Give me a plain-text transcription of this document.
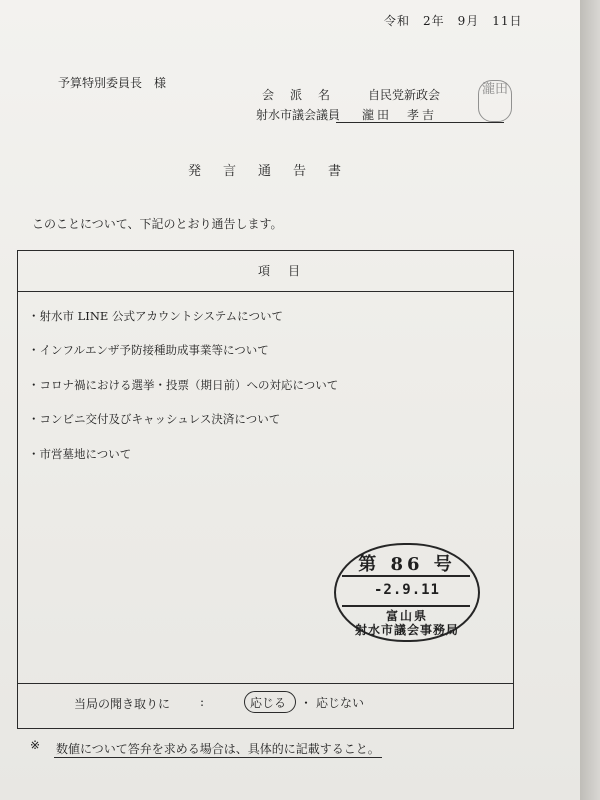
令和　2年　9月　11日
予算特別委員長　様
会派名 自民党新政会
射水市議会議員 瀧田　孝吉
瀧田
発言通告書
このことについて、下記のとおり通告します。
項目
・射水市 LINE 公式アカウントシステムについて
・インフルエンザ予防接種助成事業等について
・コロナ禍における選挙・投票（期日前）への対応について
・コンビニ交付及びキャッシュレス決済について
・市営墓地について
当局の聞き取りに :	応じる ・ 応じない
第 86 号
-2.9.11
富山県
射水市議会事務局
※ 数値について答弁を求める場合は、具体的に記載すること。
